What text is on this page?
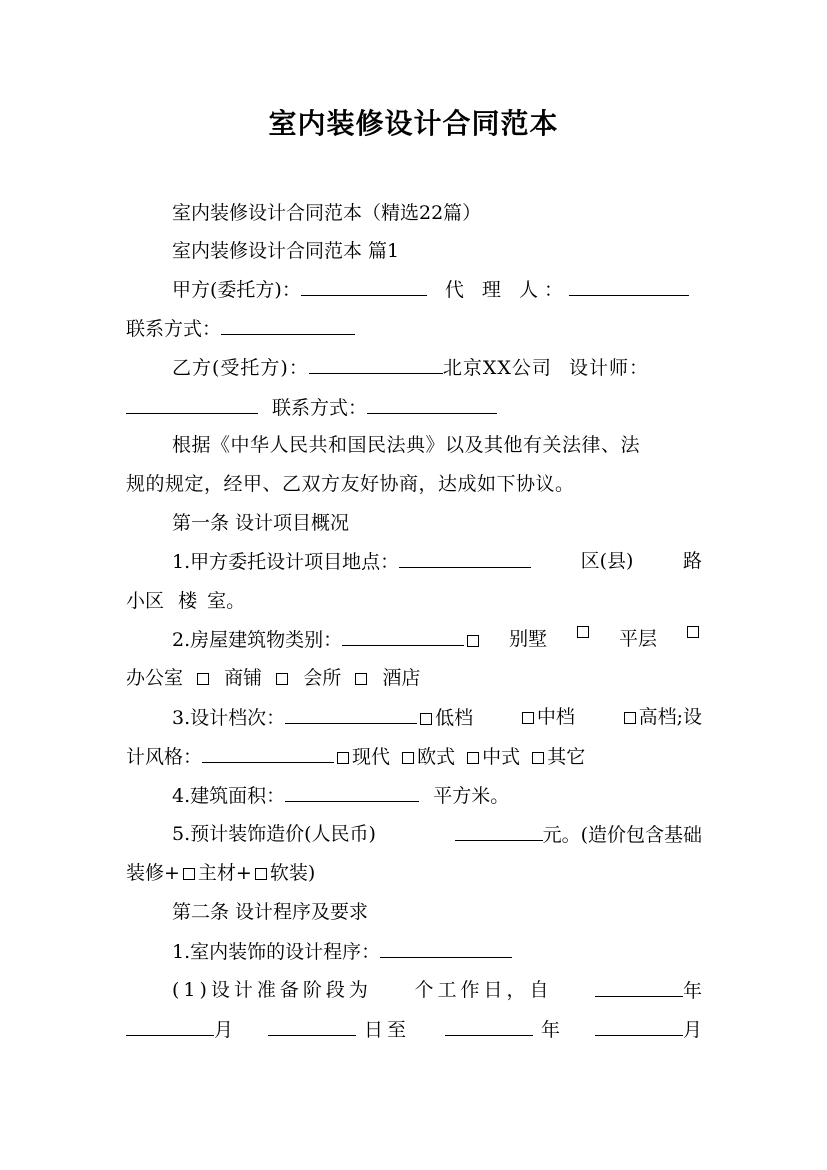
室内装修设计合同范本
室内装修设计合同范本（精选22篇）
室内装修设计合同范本 篇1
甲方(委托方)：	代 理 人：
联系方式：
乙方(受托方)：	北京XX公司 设计师：
联系方式：
根据《中华人民共和国民法典》以及其他有关法律、法
规的规定，经甲、乙双方友好协商，达成如下协议。
第一条 设计项目概况
1.甲方委托设计项目地点：	区(县)	路
小区 楼 室。
2.房屋建筑物类别：	别墅	平层
办公室 商铺 会所 酒店
3.设计档次：	低档	中档	高档;设
计风格：	现代 欧式 中式 其它
4.建筑面积：	平方米。
5.预计装饰造价(人民币)	元。(造价包含基础
装修+ 主材+ 软装)
第二条 设计程序及要求
1.室内装饰的设计程序：
(1)设计准备阶段为 个工作日，自	年
月	日至	年	月
